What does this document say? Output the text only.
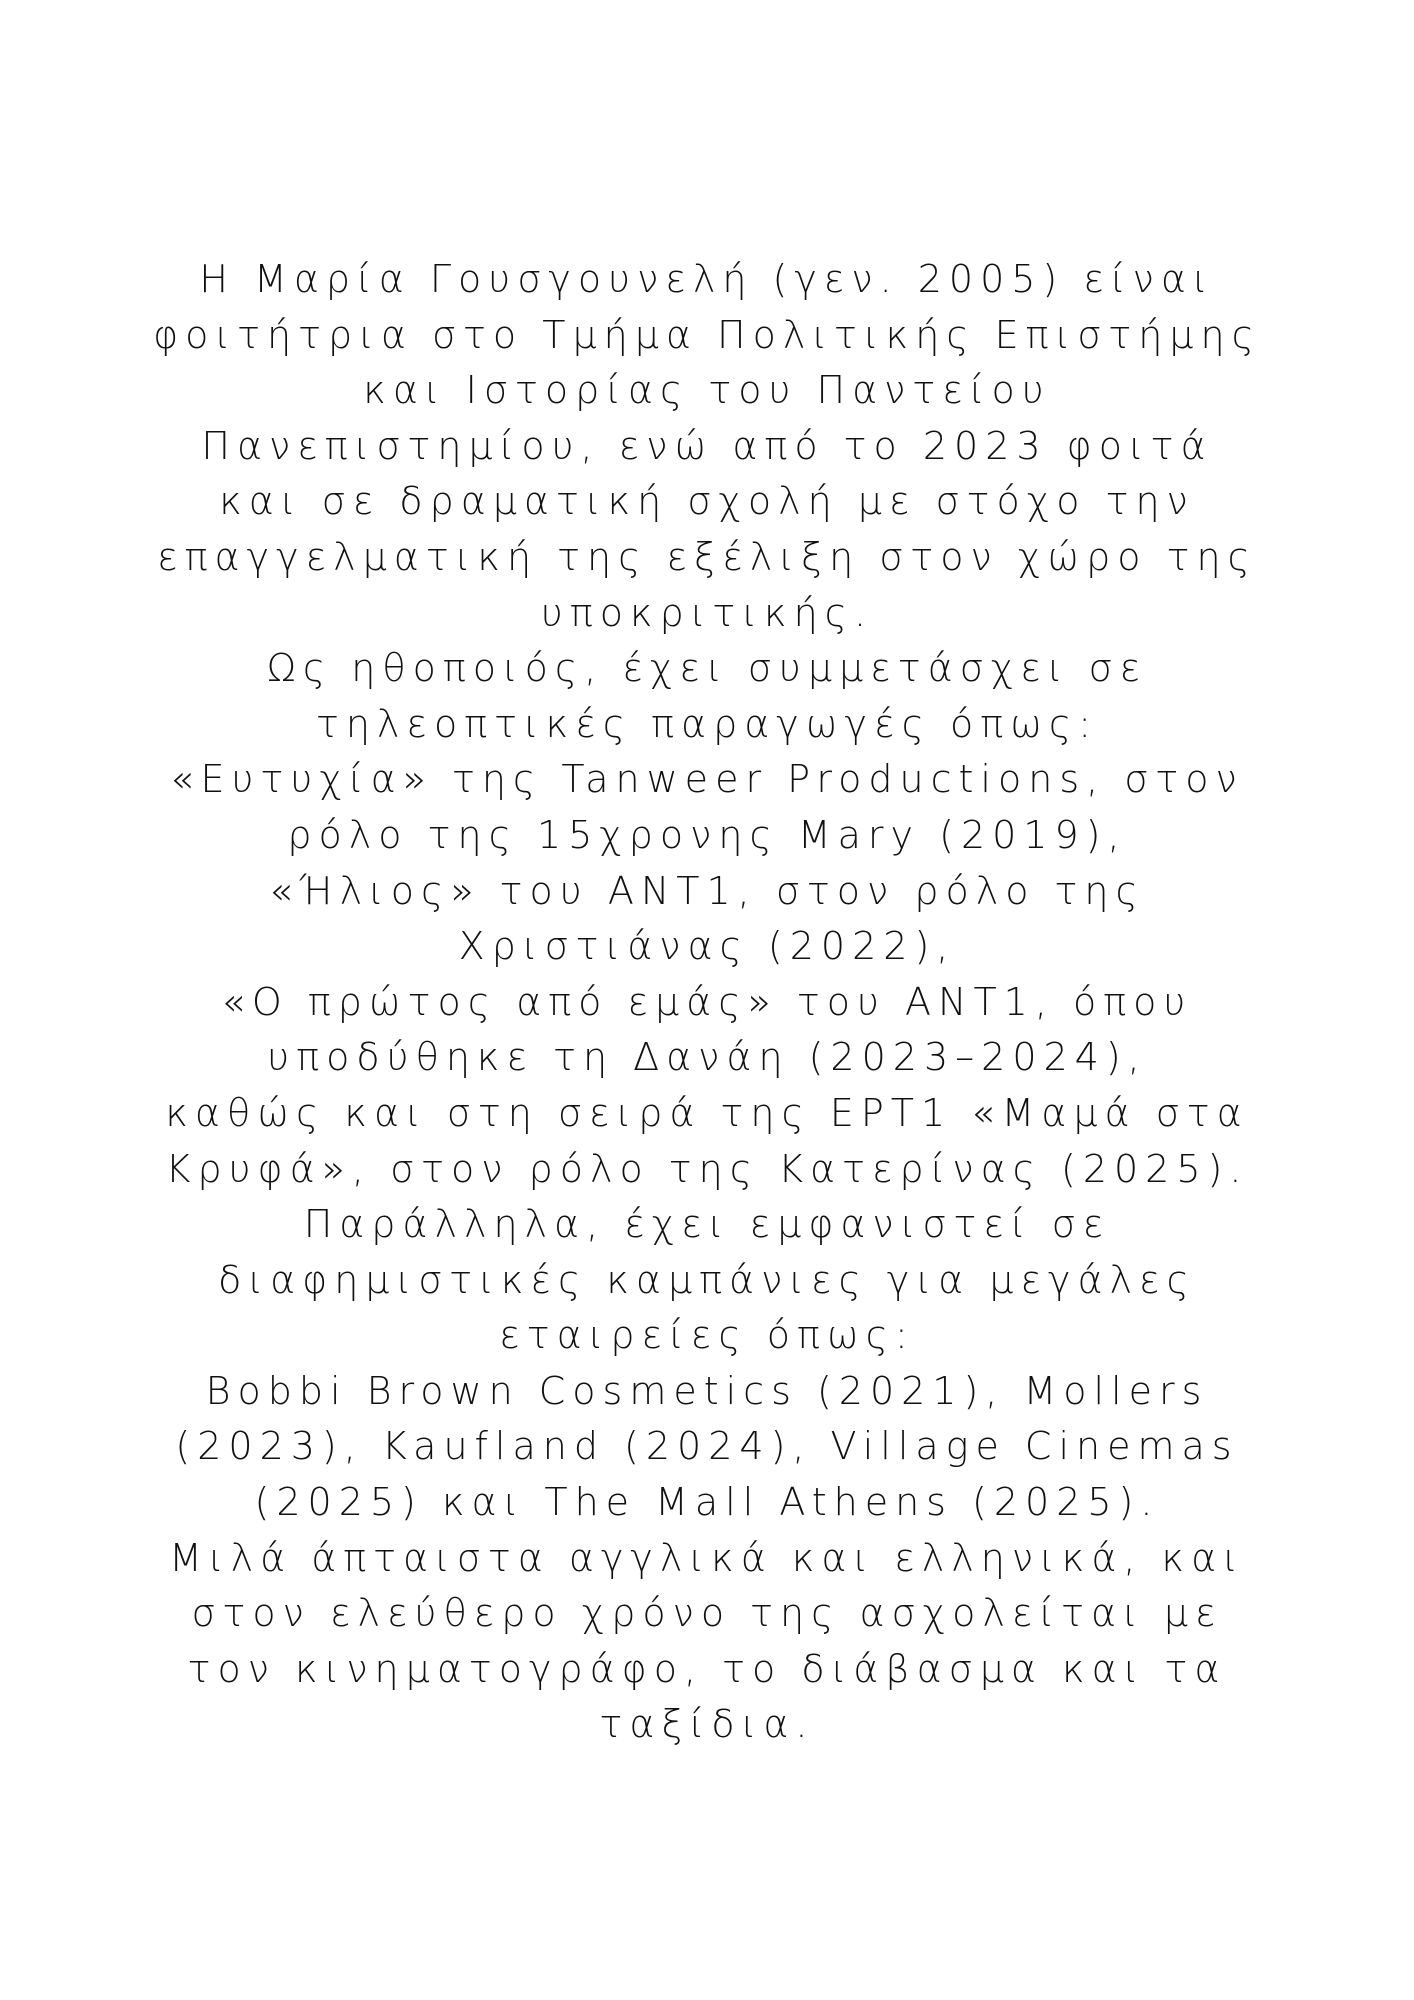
Η Μαρία Γουσγουνελή (γεν. 2005) είναι
φοιτήτρια στο Τμήμα Πολιτικής Επιστήμης
και Ιστορίας του Παντείου
Πανεπιστημίου, ενώ από το 2023 φοιτά
και σε δραματική σχολή με στόχο την
επαγγελματική της εξέλιξη στον χώρο της
υποκριτικής.
Ως ηθοποιός, έχει συμμετάσχει σε
τηλεοπτικές παραγωγές όπως:
«Ευτυχία» της Tanweer Productions, στον
ρόλο της 15χρονης Mary (2019),
«Ήλιος» του ΑΝΤ1, στον ρόλο της
Χριστιάνας (2022),
«Ο πρώτος από εμάς» του ΑΝΤ1, όπου
υποδύθηκε τη Δανάη (2023–2024),
καθώς και στη σειρά της ΕΡΤ1 «Μαμά στα
Κρυφά», στον ρόλο της Κατερίνας (2025).
Παράλληλα, έχει εμφανιστεί σε
διαφημιστικές καμπάνιες για μεγάλες
εταιρείες όπως:
Bobbi Brown Cosmetics (2021), Mollers
(2023), Kaufland (2024), Village Cinemas
(2025) και The Mall Athens (2025).
Μιλά άπταιστα αγγλικά και ελληνικά, και
στον ελεύθερο χρόνο της ασχολείται με
τον κινηματογράφο, το διάβασμα και τα
ταξίδια.
